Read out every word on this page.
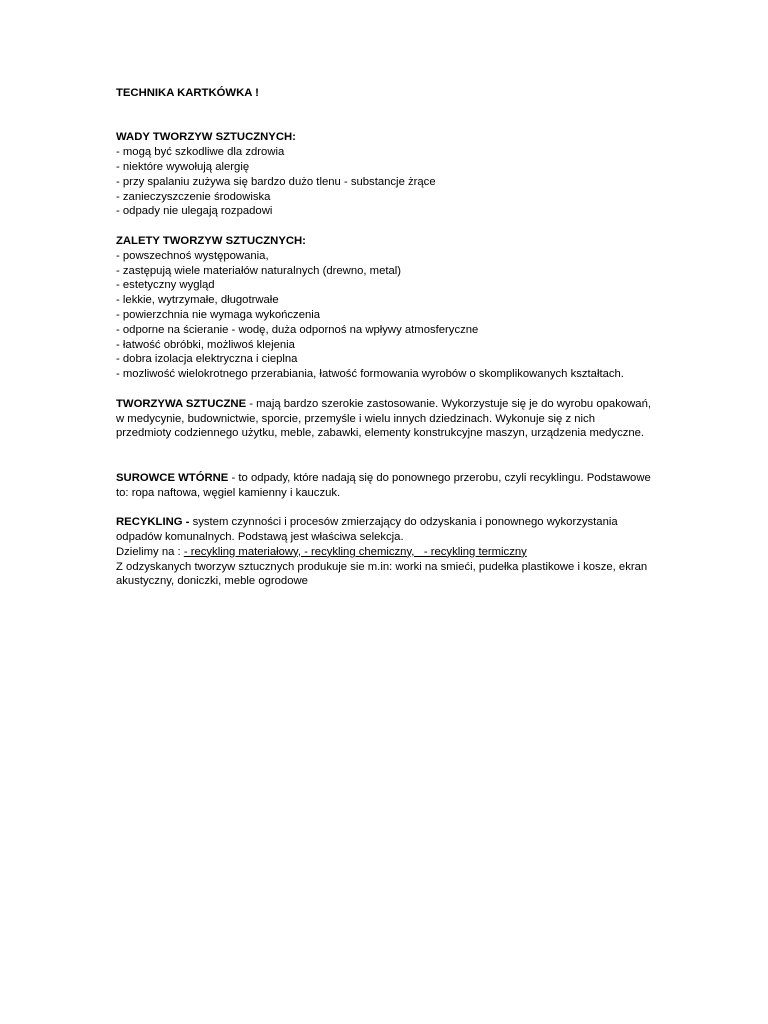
TECHNIKA KARTKÓWKA !

WADY TWORZYW SZTUCZNYCH:

- mogą być szkodliwe dla zdrowia

- niektóre wywołują alergię

- przy spalaniu zużywa się bardzo dużo tlenu - substancje żrące

- zanieczyszczenie środowiska

- odpady nie ulegają rozpadowi

ZALETY TWORZYW SZTUCZNYCH:

- powszechnoś występowania,

- zastępują wiele materiałów naturalnych (drewno, metal)

- estetyczny wygląd

- lekkie, wytrzymałe, długotrwałe

- powierzchnia nie wymaga wykończenia

- odporne na ścieranie - wodę, duża odpornoś na wpływy atmosferyczne

- łatwość obróbki, możliwoś klejenia

- dobra izolacja elektryczna i cieplna

- mozliwość wielokrotnego przerabiania, łatwość formowania wyrobów o skomplikowanych kształtach.

TWORZYWA SZTUCZNE - mają bardzo szerokie zastosowanie. Wykorzystuje się je do wyrobu opakowań, w medycynie, budownictwie, sporcie, przemyśle i wielu innych dziedzinach. Wykonuje się z nich przedmioty codziennego użytku, meble, zabawki, elementy konstrukcyjne maszyn, urządzenia medyczne.

SUROWCE WTÓRNE - to odpady, które nadają się do ponownego przerobu, czyli recyklingu. Podstawowe to: ropa naftowa, węgiel kamienny i kauczuk.

RECYKLING - system czynności i procesów zmierzający do odzyskania i ponownego wykorzystania odpadów komunalnych. Podstawą jest właściwa selekcja.

Dzielimy na : - recykling materiałowy, - recykling chemiczny,   - recykling termiczny

Z odzyskanych tworzyw sztucznych produkuje sie m.in: worki na smieći, pudełka plastikowe i kosze, ekran akustyczny, doniczki, meble ogrodowe
